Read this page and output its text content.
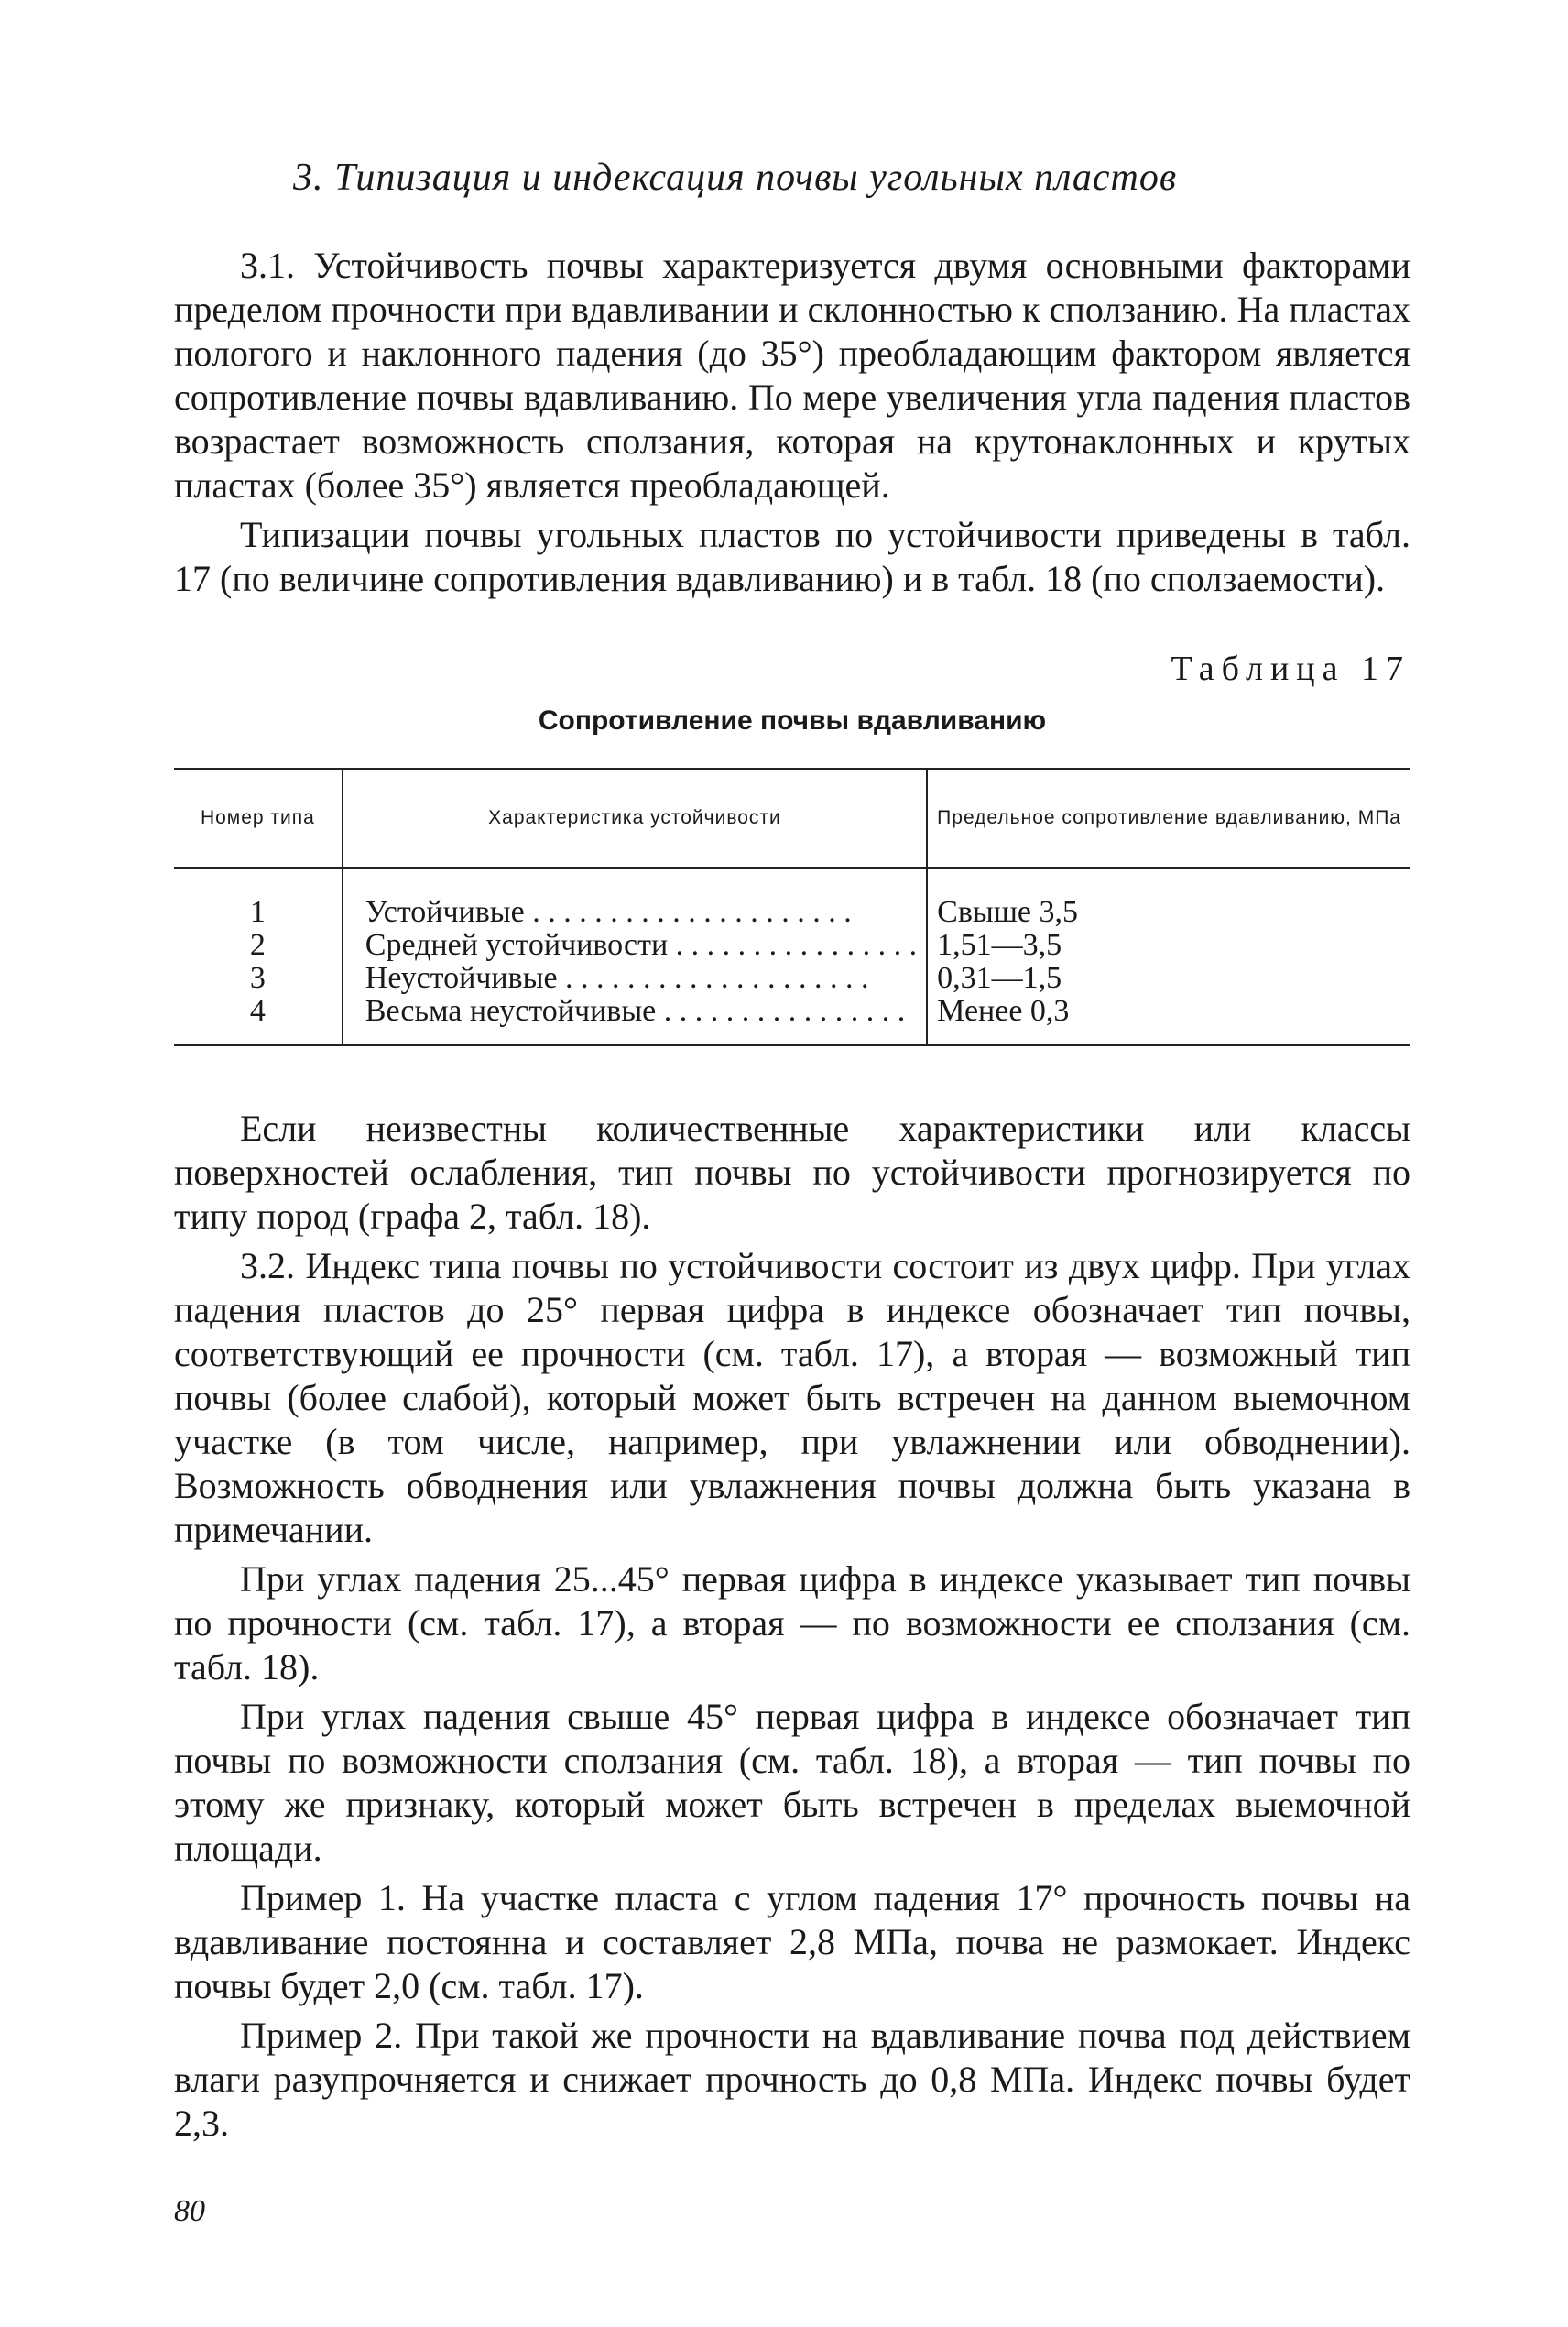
3. Типизация и индексация почвы угольных пластов

3.1. Устойчивость почвы характеризуется двумя основными факторами пределом прочности при вдавливании и склонностью к сползанию. На пластах пологого и наклонного падения (до 35°) преобладающим фактором является сопротивление почвы вдавливанию. По мере увеличения угла падения пластов возрастает возможность сползания, которая на крутонаклонных и крутых пластах (более 35°) является преобладающей.

Типизации почвы угольных пластов по устойчивости приведены в табл. 17 (по величине сопротивления вдавливанию) и в табл. 18 (по сползаемости).

Таблица 17
Сопротивление почвы вдавливанию
Номер типа	Характеристика устойчивости	Предельное сопротивление вдавливанию, МПа
1	Устойчивые . . . . . . . . . . . . . . . . . . . . .	Свыше 3,5
2	Средней устойчивости . . . . . . . . . . . . . . . .	1,51—3,5
3	Неустойчивые . . . . . . . . . . . . . . . . . . . .	0,31—1,5
4	Весьма неустойчивые . . . . . . . . . . . . . . . .	Менее 0,3

Если неизвестны количественные характеристики или классы поверхностей ослабления, тип почвы по устойчивости прогнозируется по типу пород (графа 2, табл. 18).

3.2. Индекс типа почвы по устойчивости состоит из двух цифр. При углах падения пластов до 25° первая цифра в индексе обозначает тип почвы, соответствующий ее прочности (см. табл. 17), а вторая — возможный тип почвы (более слабой), который может быть встречен на данном выемочном участке (в том числе, например, при увлажнении или обводнении). Возможность обводнения или увлажнения почвы должна быть указана в примечании.

При углах падения 25...45° первая цифра в индексе указывает тип почвы по прочности (см. табл. 17), а вторая — по возможности ее сползания (см. табл. 18).

При углах падения свыше 45° первая цифра в индексе обозначает тип почвы по возможности сползания (см. табл. 18), а вторая — тип почвы по этому же признаку, который может быть встречен в пределах выемочной площади.

Пример 1. На участке пласта с углом падения 17° прочность почвы на вдавливание постоянна и составляет 2,8 МПа, почва не размокает. Индекс почвы будет 2,0 (см. табл. 17).

Пример 2. При такой же прочности на вдавливание почва под действием влаги разупрочняется и снижает прочность до 0,8 МПа. Индекс почвы будет 2,3.

80
